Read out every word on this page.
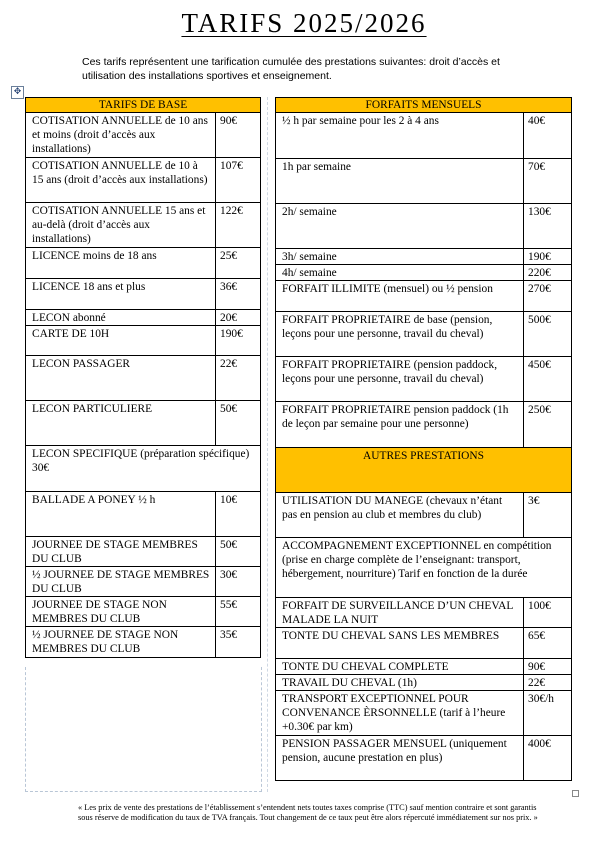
TARIFS 2025/2026
Ces tarifs représentent une tarification cumulée des prestations suivantes: droit d’accès et utilisation des installations sportives et enseignement.
✥
TARIFS DE BASE	
COTISATION ANNUELLE de 10 ans et moins (droit d’accès aux installations)	90€
COTISATION ANNUELLE de 10 à 15 ans (droit d’accès aux installations)	107€
COTISATION ANNUELLE 15 ans et au-delà (droit d’accès aux installations)	122€
LICENCE moins de 18 ans	25€
LICENCE 18 ans et plus	36€
LECON abonné	20€
CARTE DE 10H	190€
LECON PASSAGER	22€
LECON PARTICULIERE	50€
LECON SPECIFIQUE (préparation spécifique)
30€	
BALLADE A PONEY ½ h	10€
JOURNEE DE STAGE MEMBRES DU CLUB	50€
½ JOURNEE DE STAGE MEMBRES DU CLUB	30€
JOURNEE DE STAGE NON MEMBRES DU CLUB	55€
½ JOURNEE DE STAGE NON MEMBRES DU CLUB	35€
FORFAITS MENSUELS	
½ h par semaine pour les 2 à 4 ans	40€
1h par semaine	70€
2h/ semaine	130€
3h/ semaine	190€
4h/ semaine	220€
FORFAIT ILLIMITE (mensuel) ou ½ pension	270€
FORFAIT PROPRIETAIRE de base (pension, leçons pour une personne, travail du cheval)	500€
FORFAIT PROPRIETAIRE (pension paddock, leçons pour une personne, travail du cheval)	450€
FORFAIT PROPRIETAIRE pension paddock (1h de leçon par semaine pour une personne)	250€
AUTRES PRESTATIONS	
UTILISATION DU MANEGE (chevaux n’étant pas en pension au club et membres du club)	3€
ACCOMPAGNEMENT EXCEPTIONNEL en compétition (prise en charge complète de l’enseignant: transport, hébergement, nourriture) Tarif en fonction de la durée	
FORFAIT DE SURVEILLANCE D’UN CHEVAL MALADE LA NUIT	100€
TONTE DU CHEVAL SANS LES MEMBRES	65€
TONTE DU CHEVAL COMPLETE	90€
TRAVAIL DU CHEVAL (1h)	22€
TRANSPORT EXCEPTIONNEL POUR CONVENANCE ÈRSONNELLE (tarif à l’heure +0.30€ par km)	30€/h
PENSION PASSAGER MENSUEL (uniquement pension, aucune prestation en plus)	400€
« Les prix de vente des prestations de l’établissement s’entendent nets toutes taxes comprise (TTC) sauf mention contraire et sont garantis sous réserve de modification du taux de TVA français. Tout changement de ce taux peut être alors répercuté immédiatement sur nos prix. »
